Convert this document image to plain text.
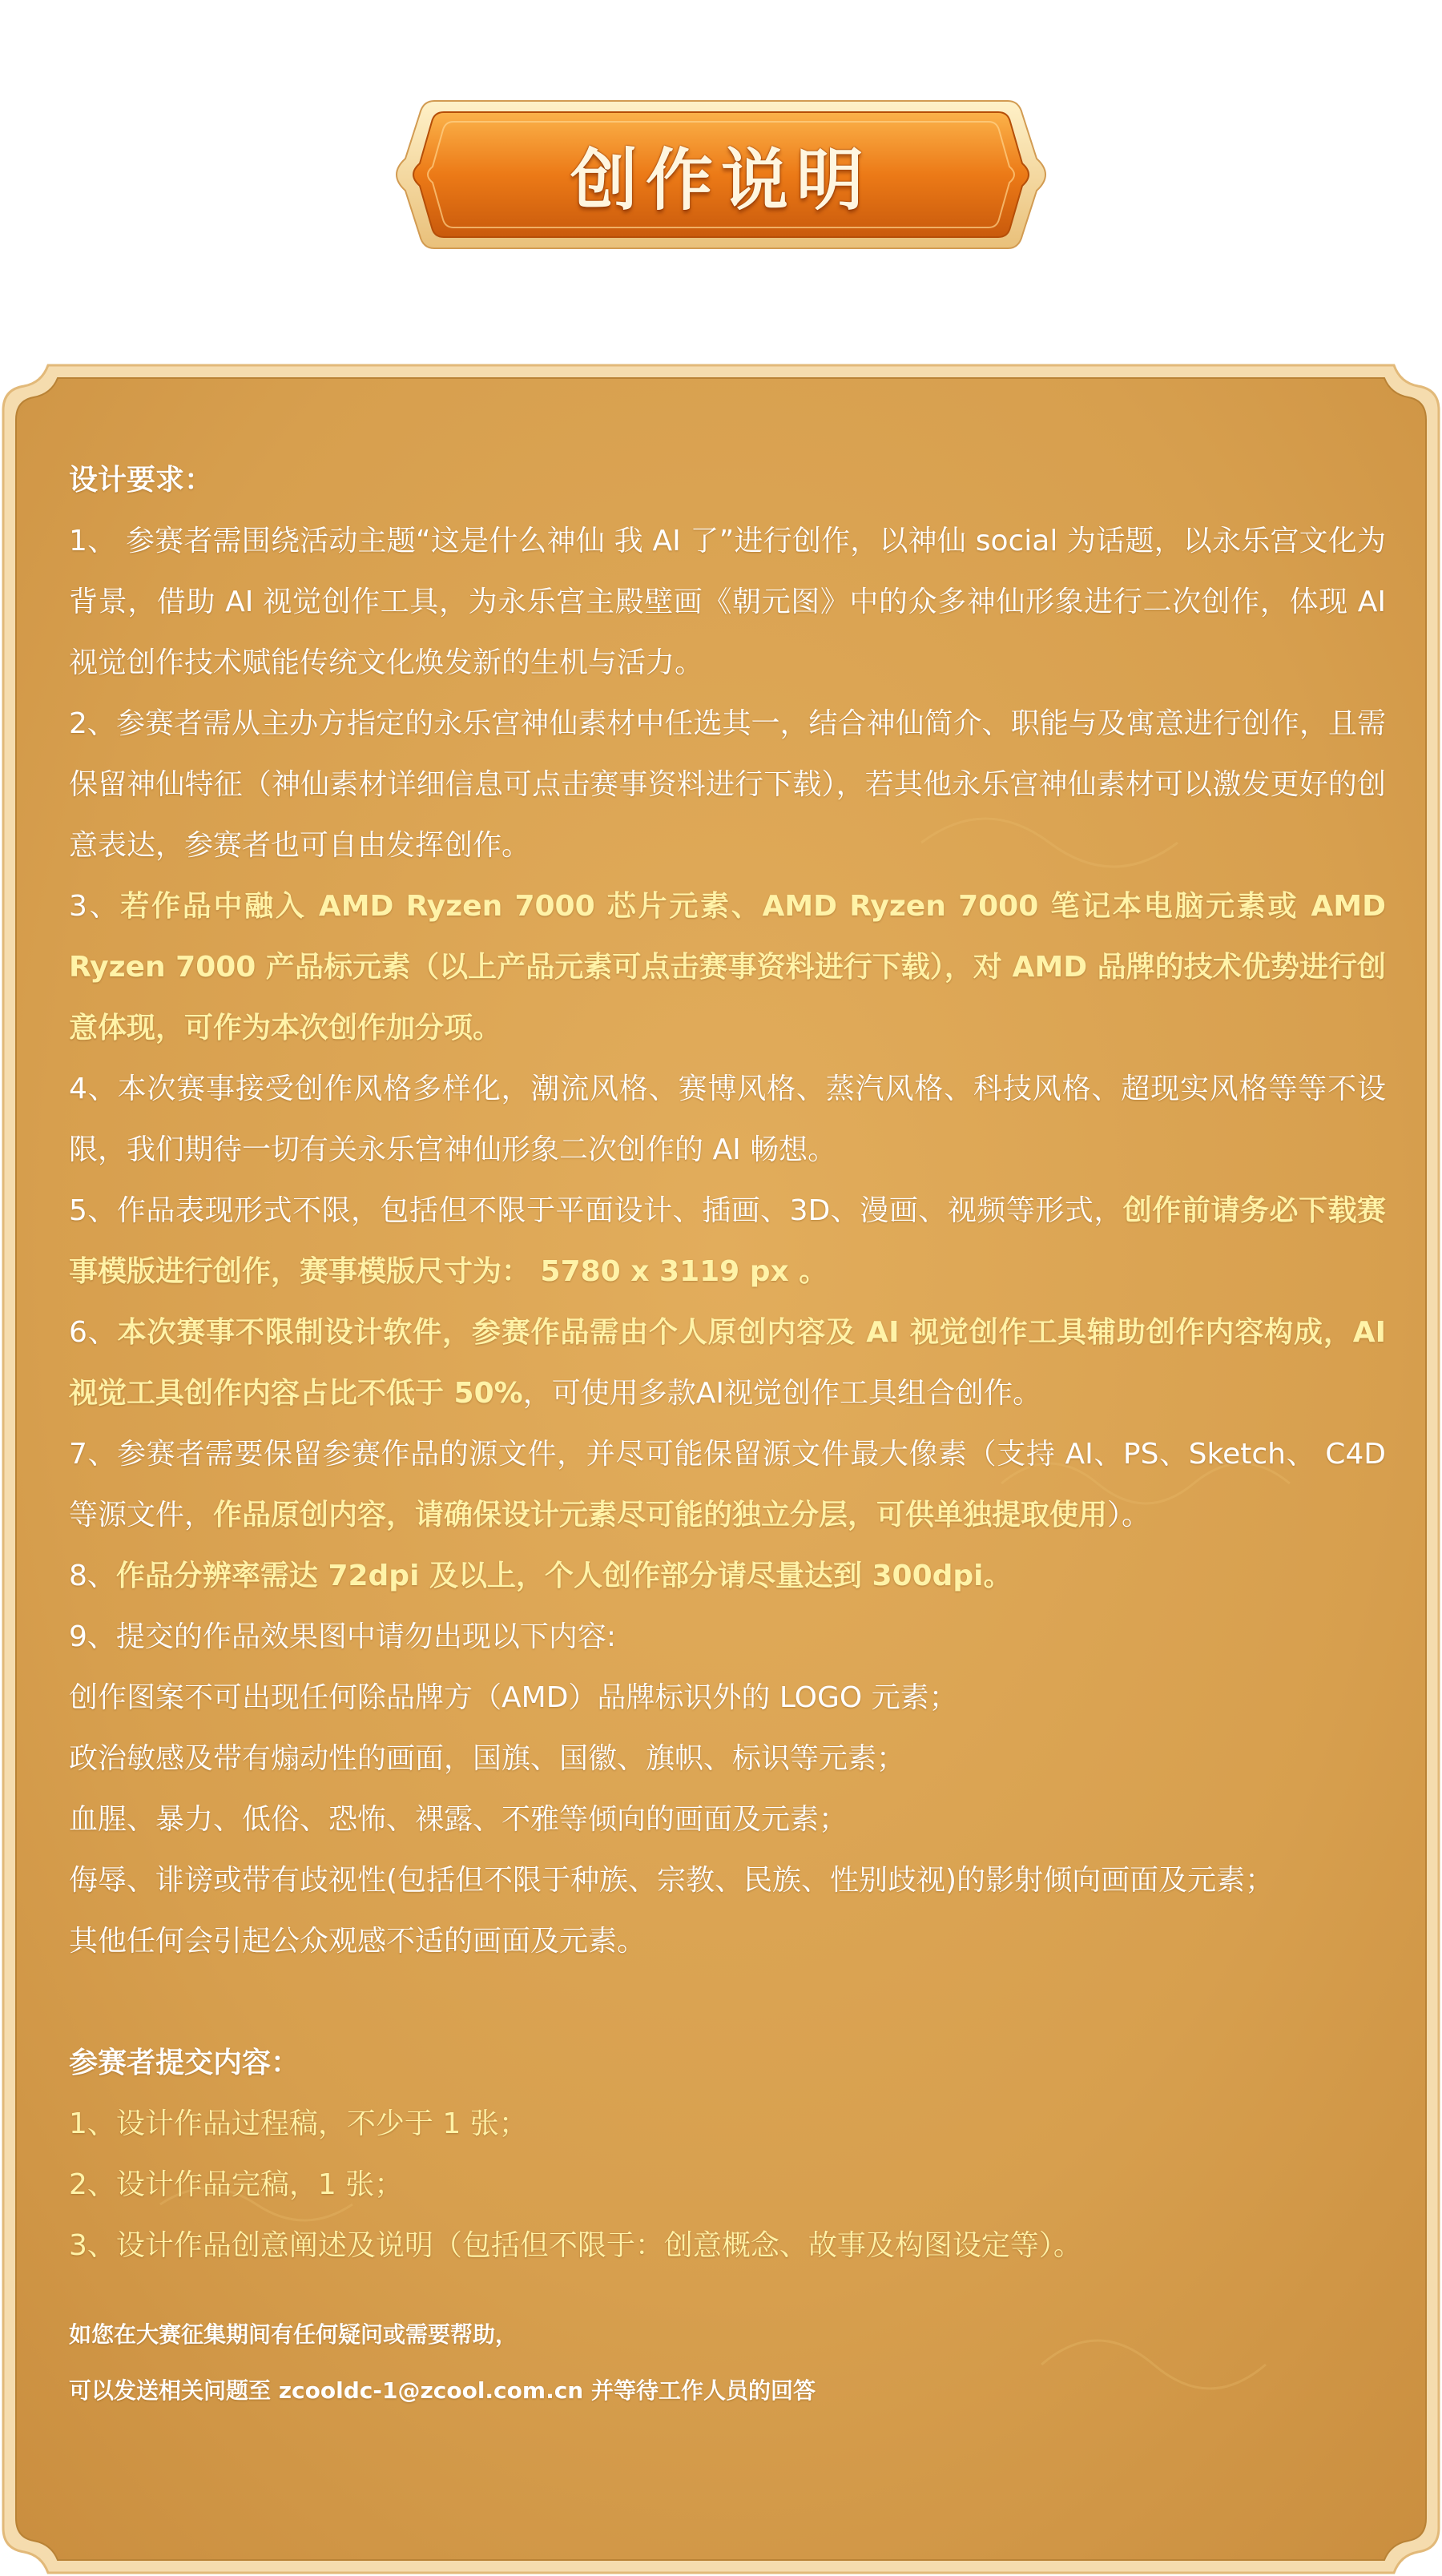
创作说明

设计要求：

1、 参赛者需围绕活动主题“这是什么神仙 我 AI 了”进行创作，以神仙 social 为话题，以永乐宫文化为背景，借助 AI 视觉创作工具，为永乐宫主殿壁画《朝元图》中的众多神仙形象进行二次创作，体现 AI 视觉创作技术赋能传统文化焕发新的生机与活力。

2、参赛者需从主办方指定的永乐宫神仙素材中任选其一，结合神仙简介、职能与及寓意进行创作，且需保留神仙特征（神仙素材详细信息可点击赛事资料进行下载），若其他永乐宫神仙素材可以激发更好的创意表达，参赛者也可自由发挥创作。

3、若作品中融入 AMD Ryzen 7000 芯片元素、AMD Ryzen 7000 笔记本电脑元素或 AMD Ryzen 7000 产品标元素（以上产品元素可点击赛事资料进行下载），对 AMD 品牌的技术优势进行创意体现，可作为本次创作加分项。

4、本次赛事接受创作风格多样化，潮流风格、赛博风格、蒸汽风格、科技风格、超现实风格等等不设限，我们期待一切有关永乐宫神仙形象二次创作的 AI 畅想。

5、作品表现形式不限，包括但不限于平面设计、插画、3D、漫画、视频等形式，创作前请务必下载赛事模版进行创作，赛事模版尺寸为： 5780 x 3119 px 。

6、本次赛事不限制设计软件，参赛作品需由个人原创内容及 AI 视觉创作工具辅助创作内容构成，AI 视觉工具创作内容占比不低于 50%，可使用多款AI视觉创作工具组合创作。

7、参赛者需要保留参赛作品的源文件，并尽可能保留源文件最大像素（支持 AI、PS、Sketch、 C4D 等源文件，作品原创内容，请确保设计元素尽可能的独立分层，可供单独提取使用）。

8、作品分辨率需达 72dpi 及以上，个人创作部分请尽量达到 300dpi。

9、提交的作品效果图中请勿出现以下内容:

创作图案不可出现任何除品牌方（AMD）品牌标识外的 LOGO 元素；

政治敏感及带有煽动性的画面，国旗、国徽、旗帜、标识等元素；

血腥、暴力、低俗、恐怖、裸露、不雅等倾向的画面及元素；

侮辱、诽谤或带有歧视性(包括但不限于种族、宗教、民族、性别歧视)的影射倾向画面及元素；

其他任何会引起公众观感不适的画面及元素。

参赛者提交内容：

1、设计作品过程稿，不少于 1 张；

2、设计作品完稿，1 张；

3、设计作品创意阐述及说明（包括但不限于：创意概念、故事及构图设定等）。

如您在大赛征集期间有任何疑问或需要帮助，

可以发送相关问题至 zcooldc-1@zcool.com.cn 并等待工作人员的回答
